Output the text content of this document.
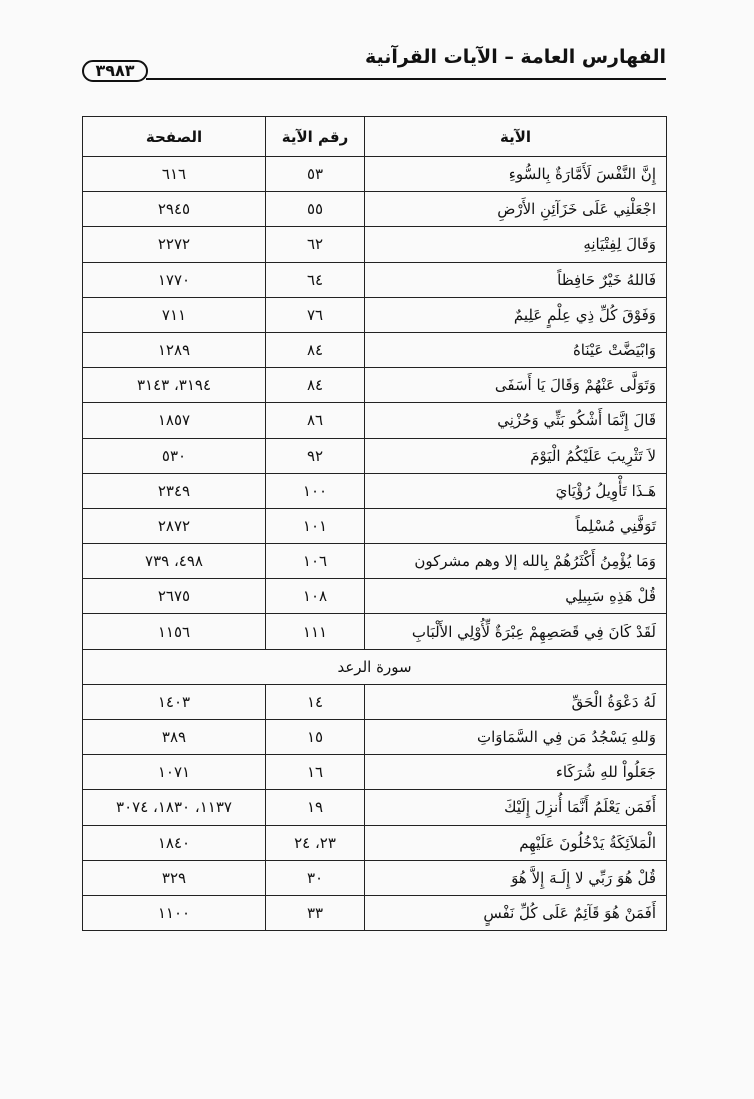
الفهارس العامة – الآيات القرآنية
٣٩٨٣
الآية	رقم الآية	الصفحة
إِنَّ النَّفْسَ لَأَمَّارَةٌ بِالسُّوءِ	٥٣	٦١٦
اجْعَلْنِي عَلَى خَزَآئِنِ الأَرْضِ	٥٥	٢٩٤٥
وَقَالَ لِفِتْيَانِهِ	٦٢	٢٢٧٢
فَاللهُ خَيْرٌ حَافِظاً	٦٤	١٧٧٠
وَفَوْقَ كُلِّ ذِي عِلْمٍ عَلِيمٌ	٧٦	٧١١
وَابْيَضَّتْ عَيْنَاهُ	٨٤	١٢٨٩
وَتَوَلَّى عَنْهُمْ وَقَالَ يَا أَسَفَى	٨٤	٣١٩٤، ٣١٤٣
قَالَ إِنَّمَا أَشْكُو بَثِّي وَحُزْنِي	٨٦	١٨٥٧
لاَ تَثْرِيبَ عَلَيْكُمُ الْيَوْمَ	٩٢	٥٣٠
هَـذَا تَأْوِيلُ رُؤْيَايَ	١٠٠	٢٣٤٩
تَوَفَّنِي مُسْلِماً	١٠١	٢٨٧٢
وَمَا يُؤْمِنُ أَكْثَرُهُمْ بِالله إلا وهم مشركون	١٠٦	٤٩٨، ٧٣٩
قُلْ هَذِهِ سَبِيلِي	١٠٨	٢٦٧٥
لَقَدْ كَانَ فِي قَصَصِهِمْ عِبْرَةٌ لِّأُوْلِي الأَلْبَابِ	١١١	١١٥٦
سورة الرعد		
لَهُ دَعْوَةُ الْحَقِّ	١٤	١٤٠٣
وَللهِ يَسْجُدُ مَن فِي السَّمَاوَاتِ	١٥	٣٨٩
جَعَلُواْ للهِ شُرَكَاء	١٦	١٠٧١
أَفَمَن يَعْلَمُ أَنَّمَا أُنزِلَ إِلَيْكَ	١٩	١١٣٧، ١٨٣٠، ٣٠٧٤
الْمَلاَئِكَةُ يَدْخُلُونَ عَلَيْهِم	٢٣، ٢٤	١٨٤٠
قُلْ هُوَ رَبِّي لا إِلَـهَ إِلاَّ هُوَ	٣٠	٣٢٩
أَفَمَنْ هُوَ قَآئِمٌ عَلَى كُلِّ نَفْسٍ	٣٣	١١٠٠
